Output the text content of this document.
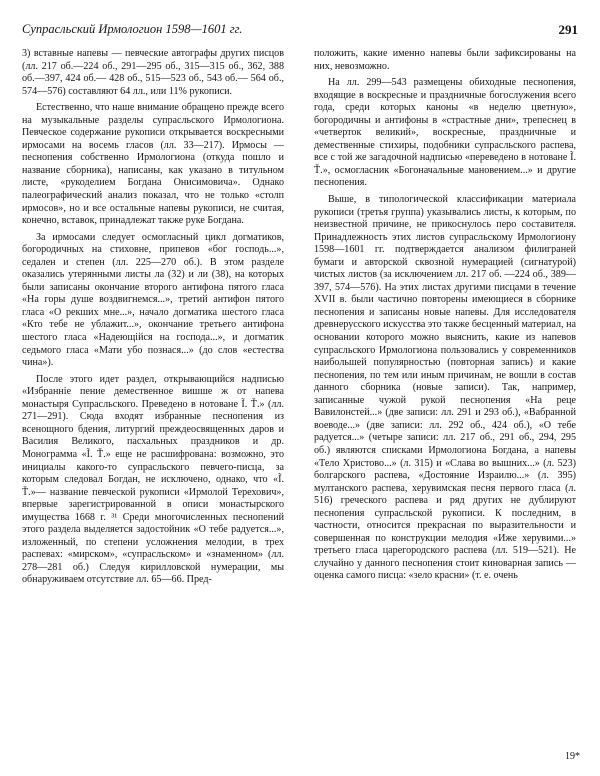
Супрасльский Ирмологион 1598—1601 гг.	291

3) вставные напевы — певческие автографы других писцов (лл. 217 об.—224 об., 291—295 об., 315—315 об., 362, 388 об.—397, 424 об.— 428 об., 515—523 об., 543 об.— 564 об., 574—576) составляют 64 лл., или 11% рукописи.

Естественно, что наше внимание обращено прежде всего на музыкальные разделы супрасльского Ирмологиона. Певческое содержание рукописи открывается воскресными ирмосами на восемь гласов (лл. 33—217). Ирмосы — песнопения собственно Ирмологиона (откуда пошло и название сборника), написаны, как указано в титульном листе, «рукоделием Богдана Онисимовича». Однако палеографический анализ показал, что не только «столп ирмосов», но и все остальные напевы рукописи, не считая, конечно, вставок, принадлежат также руке Богдана.

За ирмосами следует осмогласный цикл догматиков, богородичных на стиховне, припевов «бог господь...», седален и степен (лл. 225—270 об.). В этом разделе оказались утерянными листы ла (32) и ли (38), на которых были записаны окончание второго антифона пятого гласа «На горы душе воздвигнемся...», третий антифон пятого гласа «О рекших мне...», начало догматика шестого гласа «Кто тебе не ублажит...», окончание третьего антифона шестого гласа «Надеющійся на господа...», и догматик седьмого гласа «Мати убо познася...» (до слов «естества чина»).

После этого идет раздел, открывающийся надписью «Избраннiе пение демественное вишше ж от напева монастыря Супрасльского. Преведено в нотоване Ĩ. Ť.» (лл. 271—291). Сюда входят избранные песнопения из всенощного бдения, литургий преждеосвященных даров и Василия Великого, пасхальных праздников и др. Монограмма «Ĩ. Ť.» еще не расшифрована: возможно, это инициалы какого-то супрасльского певчего-писца, за которым следовал Богдан, не исключено, однако, что «Ĩ. Ť.»— название певческой рукописи «Ирмолой Терехович», впервые зарегистрированной в описи монастырского имущества 1668 г. ³¹ Среди многочисленных песнопений этого раздела выделяется задостойник «О тебе радуется...», изложенный, по степени усложнения мелодии, в трех распевах: «мирском», «супрасльском» и «знаменном» (лл. 278—281 об.) Следуя кирилловской нумерации, мы обнаруживаем отсутствие лл. 65—66. Пред-

положить, какие именно напевы были зафиксированы на них, невозможно.

На лл. 299—543 размещены обиходные песнопения, входящие в воскресные и праздничные богослужения всего года, среди которых каноны «в неделю цветную», богородичны и антифоны в «страстные дни», трепеснец в «четверток великий», воскресные, праздничные и демественные стихиры, подобники супрасльского распева, все с той же загадочной надписью «переведено в нотоване Ĩ. Ť.», осмогласник «Богоначальные мановением...» и другие песнопения.

Выше, в типологической классификации материала рукописи (третья группа) указывались листы, к которым, по неизвестной причине, не прикоснулось перо составителя. Принадлежность этих листов супрасльскому Ирмологиону 1598—1601 гг. подтверждается анализом филиграней бумаги и авторской сквозной нумерацией (сигнатурой) чистых листов (за исключением лл. 217 об. —224 об., 389—397, 574—576). На этих листах другими писцами в течение XVII в. были частично повторены имеющиеся в сборнике песнопения и записаны новые напевы. Для исследователя древнерусского искусства это также бесценный материал, на основании которого можно выяснить, какие из напевов супрасльского Ирмологиона пользовались у современников наибольшей популярностью (повторная запись) и какие песнопения, по тем или иным причинам, не вошли в состав данного сборника (новые записи). Так, например, записанные чужой рукой песнопения «На реце Вавилонстей...» (две записи: лл. 291 и 293 об.), «Вабранной воеводе...» (две записи: лл. 292 об., 424 об.), «О тебе радуется...» (четыре записи: лл. 217 об., 291 об., 294, 295 об.) являются списками Ирмологиона Богдана, а напевы «Тело Христово...» (л. 315) и «Слава во вышних...» (л. 523) болгарского распева, «Достояние Израилю...» (л. 395) мултанского распева, херувимская песня первого гласа (л. 516) греческого распева и ряд других не дублируют песнопения супрасльской рукописи. К последним, в частности, относится прекрасная по выразительности и совершенная по конструкции мелодия «Иже херувими...» третьего гласа царегородского распева (лл. 519—521). Не случайно у данного песнопения стоит киноварная запись — оценка самого писца: «зело красни» (т. е. очень

19*
